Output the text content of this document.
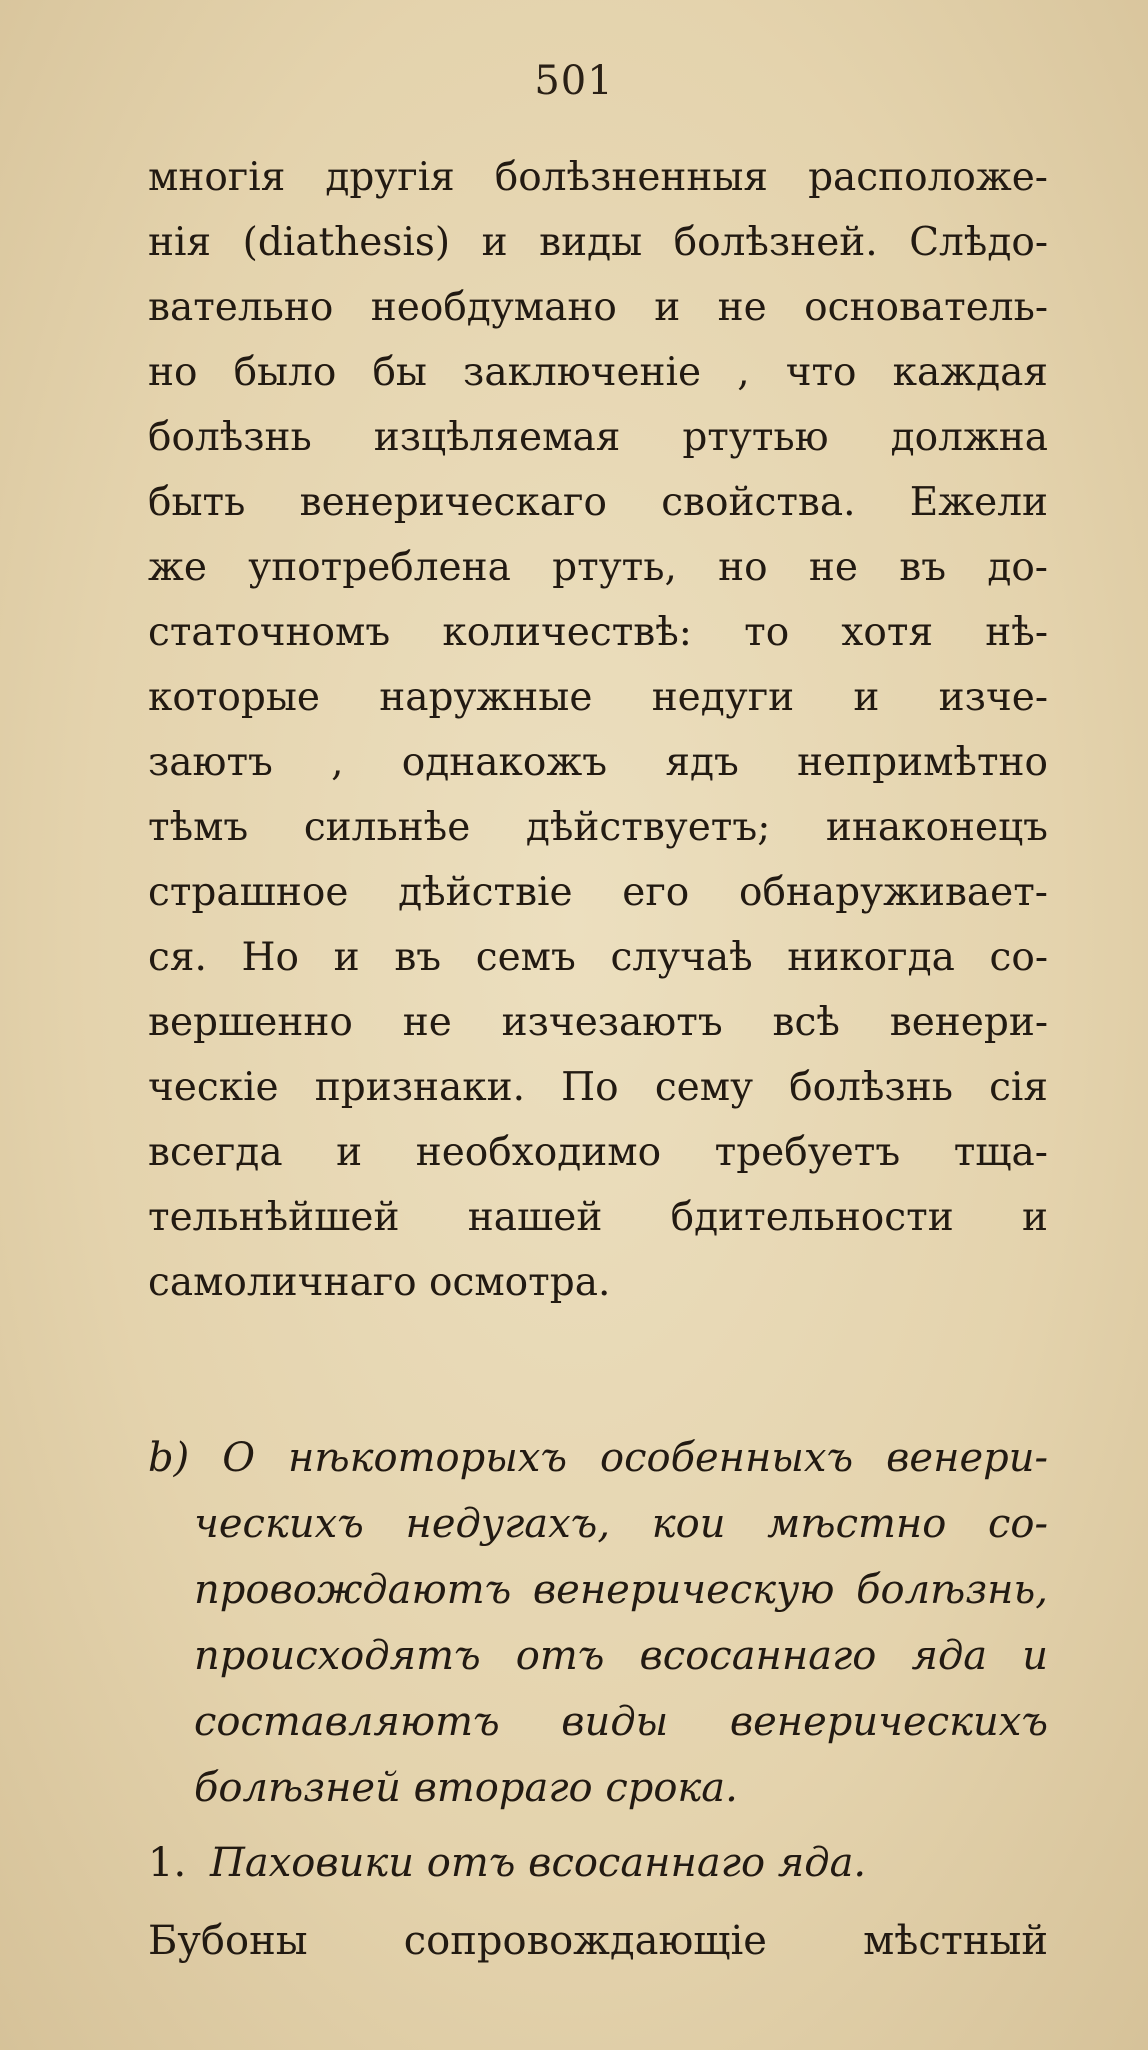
501
многія другія болѣзненныя расположе-
нія (diathesis) и виды болѣзней. Слѣдо-
вательно необдумано и не основатель-
но было бы заключеніе , что каждая
болѣзнь изцѣляемая ртутью должна
быть венерическаго свойства. Ежели
же употреблена ртуть, но не въ до-
статочномъ количествѣ: то хотя нѣ-
которые наружные недуги и изче-
заютъ , однакожъ ядъ непримѣтно
тѣмъ сильнѣе дѣйствуетъ; инаконецъ
страшное дѣйствіе его обнаруживает-
ся. Но и въ семъ случаѣ никогда со-
вершенно не изчезаютъ всѣ венери-
ческіе признаки. По сему болѣзнь сія
всегда и необходимо требуетъ тща-
тельнѣйшей нашей бдительности и
самоличнаго осмотра.
b) О нѣкоторыхъ особенныхъ венери-
ческихъ недугахъ, кои мѣстно со-
провождаютъ венерическую болѣзнь,
происходятъ отъ всосаннаго яда и
составляютъ виды венерическихъ
болѣзней втораго срока.
1. Паховики отъ всосаннаго яда.
Бубоны сопровождающіе мѣстный
